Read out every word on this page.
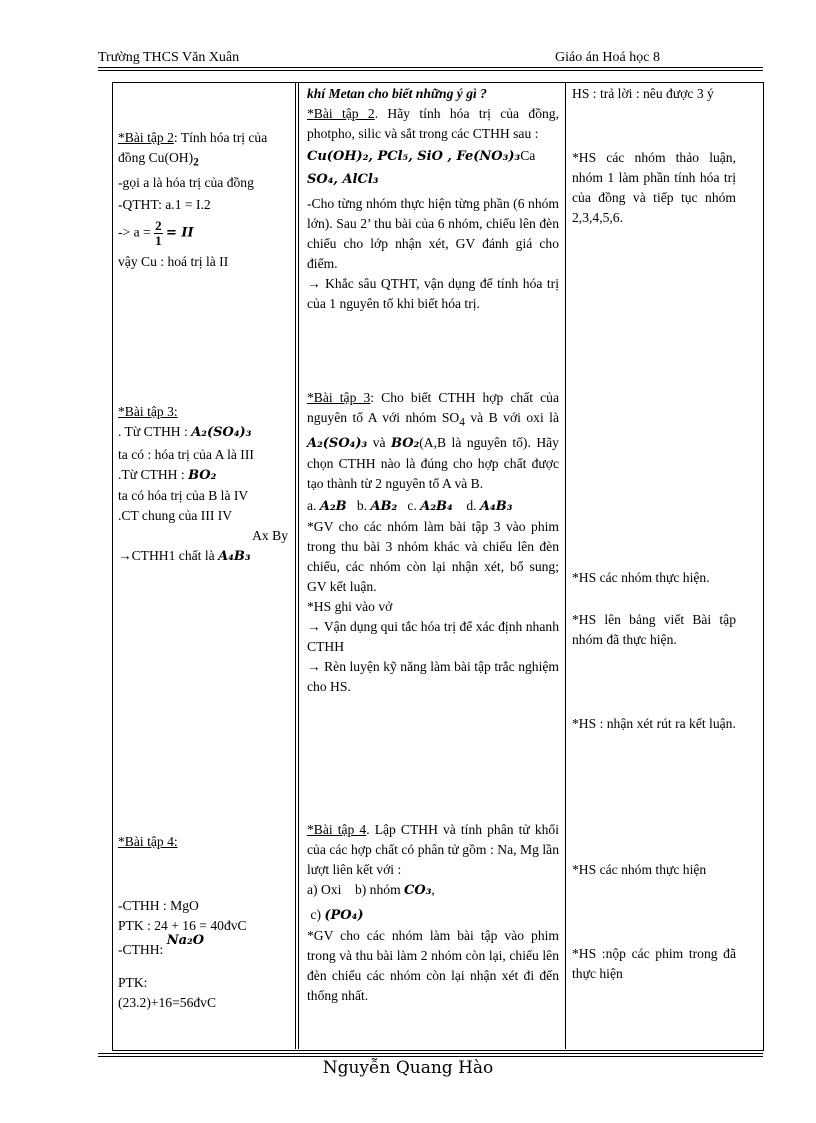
Trường THCS Văn Xuân	Giáo án Hoá học 8

*Bài tập 2: Tính hóa trị của đồng $Cu(OH)_2$

-gọi a là hóa trị của đồng

-QTHT: a.1 = I.2

-> $a = \frac{2}{1}$ = II

vậy Cu : hoá trị là II

*Bài tập 3:

. Từ CTHH : A₂(SO₄)₃

ta có : hóa trị của A là III

.Từ CTHH : BO₂

ta có hóa trị của B là IV

.CT chung của III IV

Ax By

→CTHH1 chất là A₄B₃

*Bài tập 4:

-CTHH : MgO

PTK : 24 + 16 = 40đvC

-CTHH: Na₂O

PTK:

(23.2)+16=56đvC

khí Metan cho biết những ý gì ?

*Bài tập 2. Hãy tính hóa trị của đồng, photpho, silic và sắt trong các CTHH sau :

Cu(OH)₂, PCl₅, SiO , Fe(NO₃)₃Ca

SO₄, AlCl₃

-Cho từng nhóm thực hiện từng phần (6 nhóm lớn). Sau 2’ thu bài của 6 nhóm, chiếu lên đèn chiếu cho lớp nhận xét, GV đánh giá cho điểm.

→ Khắc sâu QTHT, vận dụng để tính hóa trị của 1 nguyên tố khi biết hóa trị.

*Bài tập 3: Cho biết CTHH hợp chất của nguyên tố A với nhóm $SO_4$ và B với oxi là A₂(SO₄)₃ và BO₂(A,B là nguyên tố). Hãy chọn CTHH nào là đúng cho hợp chất được tạo thành từ 2 nguyên tố A và B.

a. A₂B b. AB₂ c. A₂B₄ d. A₄B₃

*GV cho các nhóm làm bài tập 3 vào phim trong thu bài 3 nhóm khác và chiếu lên đèn chiếu, các nhóm còn lại nhận xét, bổ sung; GV kết luận.

*HS ghi vào vở

→ Vận dụng qui tắc hóa trị để xác định nhanh CTHH

→ Rèn luyện kỹ năng làm bài tập trắc nghiệm cho HS.

*Bài tập 4. Lập CTHH và tính phân tử khối của các hợp chất có phân tử gồm : Na, Mg lần lượt liên kết với :

a) Oxi b) nhóm CO₃,

c) (PO₄)

*GV cho các nhóm làm bài tập vào phim trong và thu bài làm 2 nhóm còn lại, chiếu lên đèn chiếu các nhóm còn lại nhận xét đi đến thống nhất.

HS : trả lời : nêu được 3 ý

*HS các nhóm thảo luận, nhóm 1 làm phần tính hóa trị của đồng và tiếp tục nhóm 2,3,4,5,6.

*HS các nhóm thực hiện.

*HS lên bảng viết Bài tập nhóm đã thực hiện.

*HS : nhận xét rút ra kết luận.

*HS các nhóm thực hiện

*HS :nộp các phim trong đã thực hiện

Nguyễn Quang Hào
